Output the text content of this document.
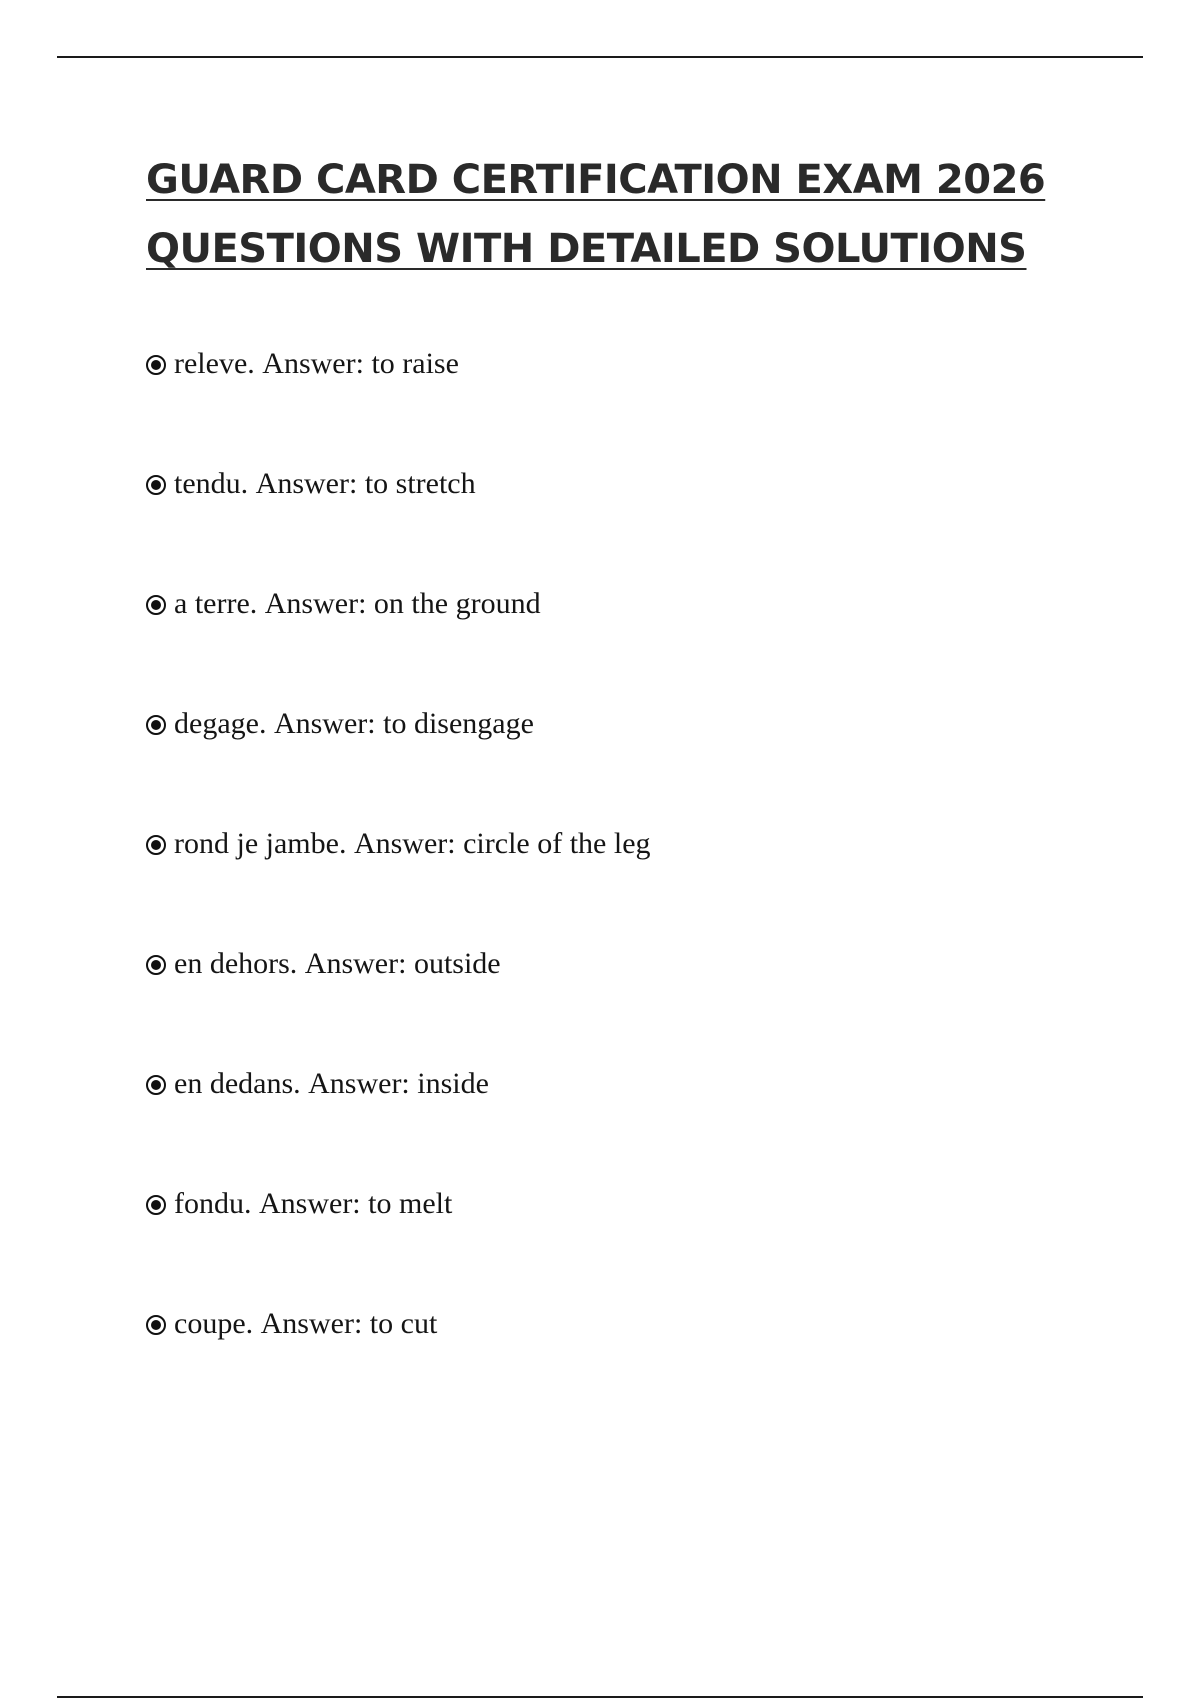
GUARD CARD CERTIFICATION EXAM 2026
QUESTIONS WITH DETAILED SOLUTIONS
releve.
Answer:
to raise
tendu.
Answer:
to stretch
a terre.
Answer:
on the ground
degage.
Answer:
to disengage
rond je jambe.
Answer:
circle of the leg
en dehors.
Answer:
outside
en dedans.
Answer:
inside
fondu.
Answer:
to melt
coupe.
Answer:
to cut
